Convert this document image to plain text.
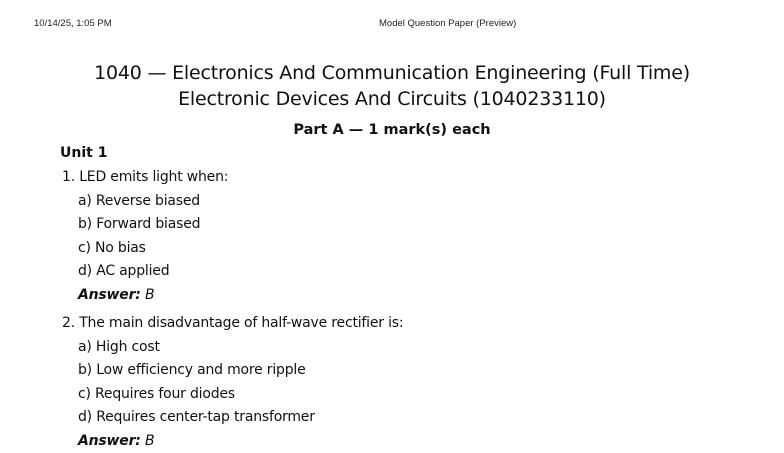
10/14/25, 1:05 PM	Model Question Paper (Preview)
1040 — Electronics And Communication Engineering (Full Time)
Electronic Devices And Circuits (1040233110)
Part A — 1 mark(s) each
Unit 1
1. LED emits light when:
a) Reverse biased
b) Forward biased
c) No bias
d) AC applied
Answer: B
2. The main disadvantage of half-wave rectifier is:
a) High cost
b) Low efficiency and more ripple
c) Requires four diodes
d) Requires center-tap transformer
Answer: B
